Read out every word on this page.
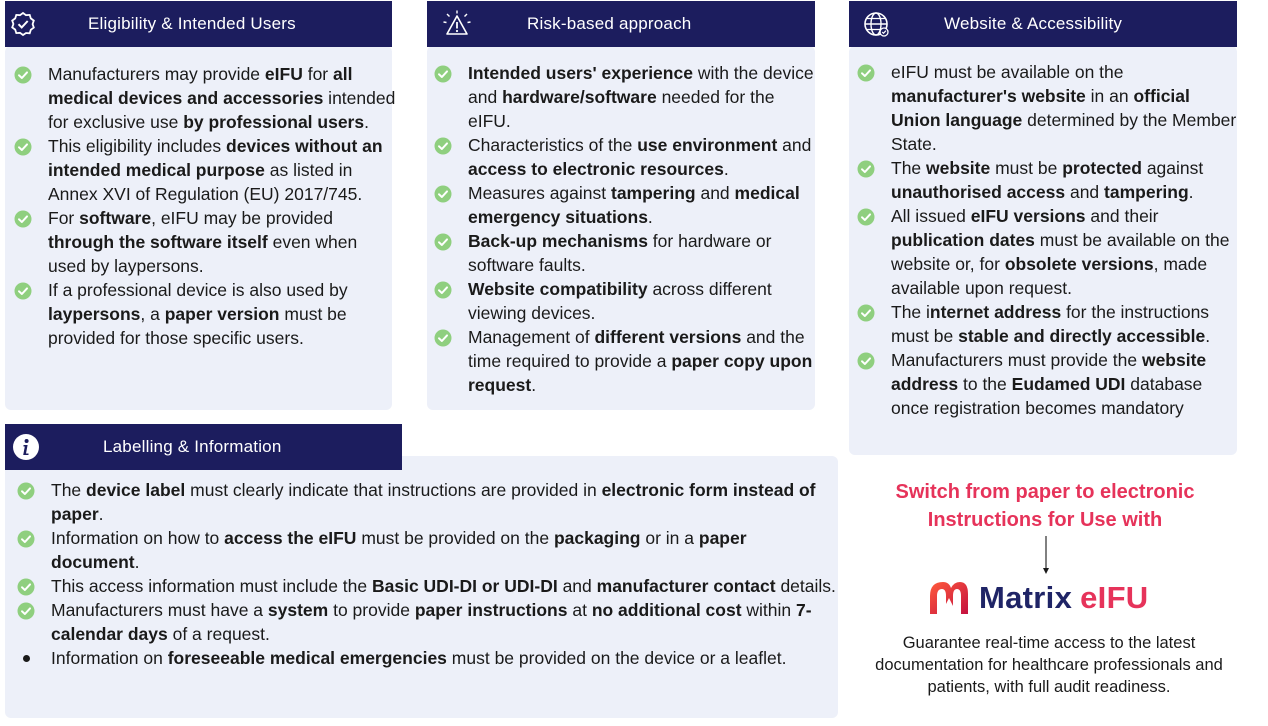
Eligibility & Intended Users
Manufacturers may provide eIFU for all medical devices and accessories intended for exclusive use by professional users.
This eligibility includes devices without an intended medical purpose as listed in Annex XVI of Regulation (EU) 2017/745.
For software, eIFU may be provided through the software itself even when used by laypersons.
If a professional device is also used by laypersons, a paper version must be provided for those specific users.
Risk-based approach
Intended users' experience with the device and hardware/software needed for the eIFU.
Characteristics of the use environment and access to electronic resources.
Measures against tampering and medical emergency situations.
Back-up mechanisms for hardware or software faults.
Website compatibility across different viewing devices.
Management of different versions and the time required to provide a paper copy upon request.
Website & Accessibility
eIFU must be available on the manufacturer's website in an official Union language determined by the Member State.
The website must be protected against unauthorised access and tampering.
All issued eIFU versions and their publication dates must be available on the website or, for obsolete versions, made available upon request.
The internet address for the instructions must be stable and directly accessible.
Manufacturers must provide the website address to the Eudamed UDI database once registration becomes mandatory
Labelling & Information
The device label must clearly indicate that instructions are provided in electronic form instead of paper.
Information on how to access the eIFU must be provided on the packaging or in a paper document.
This access information must include the Basic UDI-DI or UDI-DI and manufacturer contact details.
Manufacturers must have a system to provide paper instructions at no additional cost within 7-calendar days of a request.
Information on foreseeable medical emergencies must be provided on the device or a leaflet.
Switch from paper to electronic
Instructions for Use with
Matrix eIFU
Guarantee real-time access to the latest documentation for healthcare professionals and patients, with full audit readiness.
